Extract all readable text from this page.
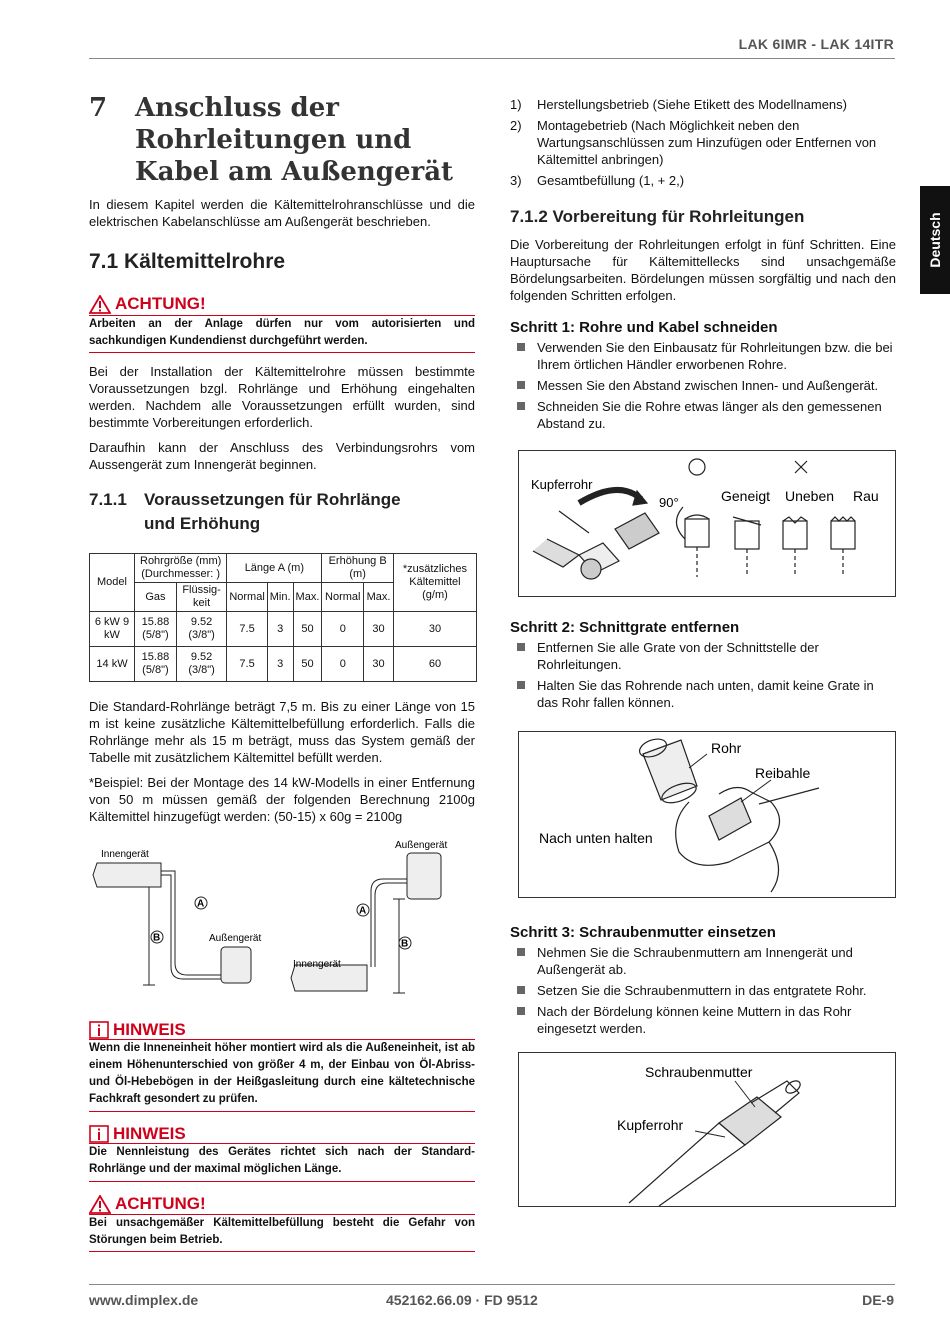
LAK 6IMR - LAK 14ITR
Deutsch
www.dimplex.de	452162.66.09 · FD 9512	DE-9
7 Anschluss der
Rohrleitungen und
Kabel am Außengerät
In diesem Kapitel werden die Kältemittelrohranschlüsse und die elektrischen Kabelanschlüsse am Außengerät beschrieben.
7.1 Kältemittelrohre
ACHTUNG!
Arbeiten an der Anlage dürfen nur vom autorisierten und sachkundigen Kundendienst durchgeführt werden.
Bei der Installation der Kältemittelrohre müssen bestimmte Voraussetzungen bzgl. Rohrlänge und Erhöhung eingehalten werden. Nachdem alle Voraussetzungen erfüllt wurden, sind bestimmte Vorbereitungen erforderlich.
Daraufhin kann der Anschluss des Verbindungsrohrs vom Aussengerät zum Innengerät beginnen.
7.1.1 Voraussetzungen für Rohrlänge
und Erhöhung
Model	Rohrgröße (mm) (Durchmesser: )		Länge A (m)			Erhöhung B (m)		*zusätzliches Kältemittel (g/m)
	Gas	Flüssig-keit	Normal	Min.	Max.	Normal	Max.	
6 kW 9 kW	15.88 (5/8")	9.52 (3/8")	7.5	3	50	0	30	30
14 kW	15.88 (5/8")	9.52 (3/8")	7.5	3	50	0	30	60
Die Standard-Rohrlänge beträgt 7,5 m. Bis zu einer Länge von 15 m ist keine zusätzliche Kältemittelbefüllung erforderlich. Falls die Rohrlänge mehr als 15 m beträgt, muss das System gemäß der Tabelle mit zusätzlichem Kältemittel befüllt werden.
*Beispiel: Bei der Montage des 14 kW-Modells in einer Entfernung von 50 m müssen gemäß der folgenden Berechnung 2100g Kältemittel hinzugefügt werden: (50-15) x 60g = 2100g
A
B
A
B
Innengerät
Außengerät
Außengerät
Innengerät
HINWEIS
Wenn die Inneneinheit höher montiert wird als die Außeneinheit, ist ab einem Höhenunterschied von größer 4 m, der Einbau von Öl-Abriss- und Öl-Hebebögen in der Heißgasleitung durch eine kältetechnische Fachkraft gesondert zu prüfen.
HINWEIS
Die Nennleistung des Gerätes richtet sich nach der Standard-Rohrlänge und der maximal möglichen Länge.
ACHTUNG!
Bei unsachgemäßer Kältemittelbefüllung besteht die Gefahr von Störungen beim Betrieb.
1) Herstellungsbetrieb (Siehe Etikett des Modellnamens)
2) Montagebetrieb (Nach Möglichkeit neben den Wartungsanschlüssen zum Hinzufügen oder Entfernen von Kältemittel anbringen)
3) Gesamtbefüllung (1, + 2,)
7.1.2 Vorbereitung für Rohrleitungen
Die Vorbereitung der Rohrleitungen erfolgt in fünf Schritten. Eine Hauptursache für Kältemittellecks sind unsachgemäße Bördelungsarbeiten. Bördelungen müssen sorgfältig und nach den folgenden Schritten erfolgen.
Schritt 1: Rohre und Kabel schneiden
Verwenden Sie den Einbausatz für Rohrleitungen bzw. die bei Ihrem örtlichen Händler erworbenen Rohre.
Messen Sie den Abstand zwischen Innen- und Außengerät.
Schneiden Sie die Rohre etwas länger als den gemessenen Abstand zu.
Kupferrohr
90°	Geneigt Uneben Rau
Schritt 2: Schnittgrate entfernen
Entfernen Sie alle Grate von der Schnittstelle der Rohrleitungen.
Halten Sie das Rohrende nach unten, damit keine Grate in das Rohr fallen können.
Rohr
Reibahle
Nach unten halten
Schritt 3: Schraubenmutter einsetzen
Nehmen Sie die Schraubenmuttern am Innengerät und Außengerät ab.
Setzen Sie die Schraubenmuttern in das entgratete Rohr.
Nach der Bördelung können keine Muttern in das Rohr eingesetzt werden.
Schraubenmutter
Kupferrohr
